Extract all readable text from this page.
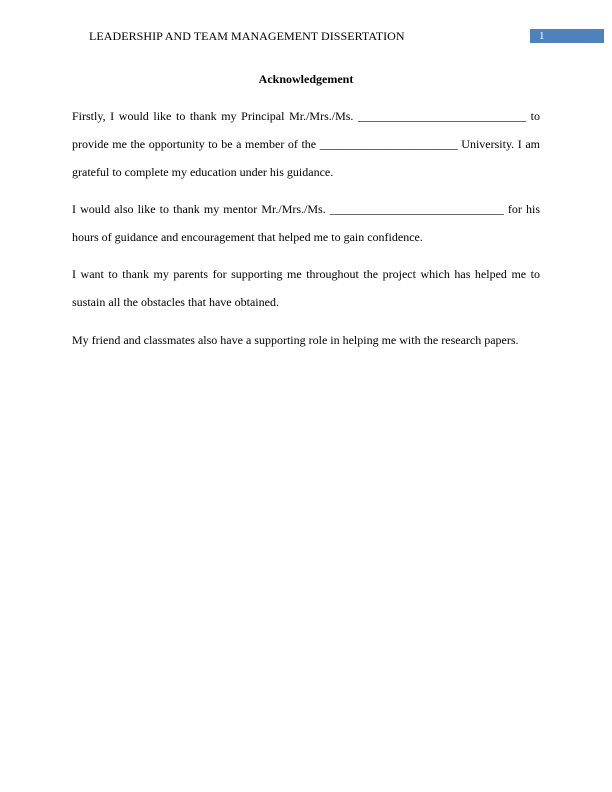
LEADERSHIP AND TEAM MANAGEMENT DISSERTATION	1
Acknowledgement

Firstly, I would like to thank my Principal Mr./Mrs./Ms. ____________________________ to provide me the opportunity to be a member of the _______________________ University. I am grateful to complete my education under his guidance.

I would also like to thank my mentor Mr./Mrs./Ms. _____________________________ for his hours of guidance and encouragement that helped me to gain confidence.

I want to thank my parents for supporting me throughout the project which has helped me to sustain all the obstacles that have obtained.

My friend and classmates also have a supporting role in helping me with the research papers.
